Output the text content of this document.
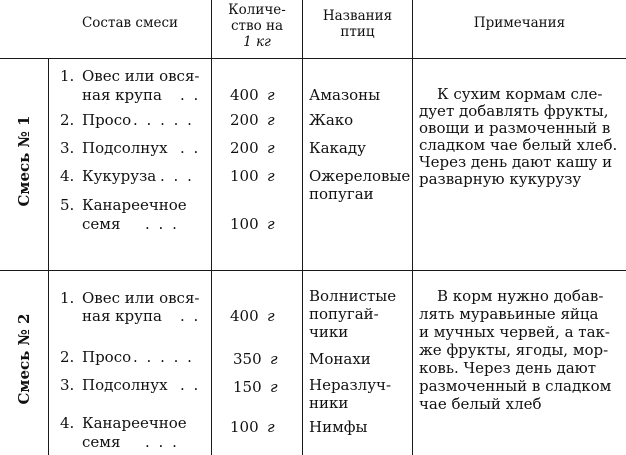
Состав смеси
Количе-
ство на
1 кг
Названия
птиц
Примечания
Смесь № 1
Смесь № 2
1. Овес или овся-
ная крупа . . 400 г
2. Просо . . . . . 200 г
3. Подсолнух . . 200 г
4. Кукуруза . . . 100 г
5. Канареечное
семя . . .	100 г
Амазоны
Жако
Какаду
Ожереловые
попугаи
К сухим кормам сле-
дует добавлять фрукты,
овощи и размоченный в
сладком чае белый хлеб.
Через день дают кашу и
разварную кукурузу
1. Овес или овся-
ная крупа . . 400 г
2. Просо . . . . .	350 г
3. Подсолнух . . 150 г
4. Канареечное
семя . . .
100 г
Волнистые
попугай-
чики
Монахи
Неразлуч-
ники
Нимфы
В корм нужно добав-
лять муравьиные яйца
и мучных червей, а так-
же фрукты, ягоды, мор-
ковь. Через день дают
размоченный в сладком
чае белый хлеб
